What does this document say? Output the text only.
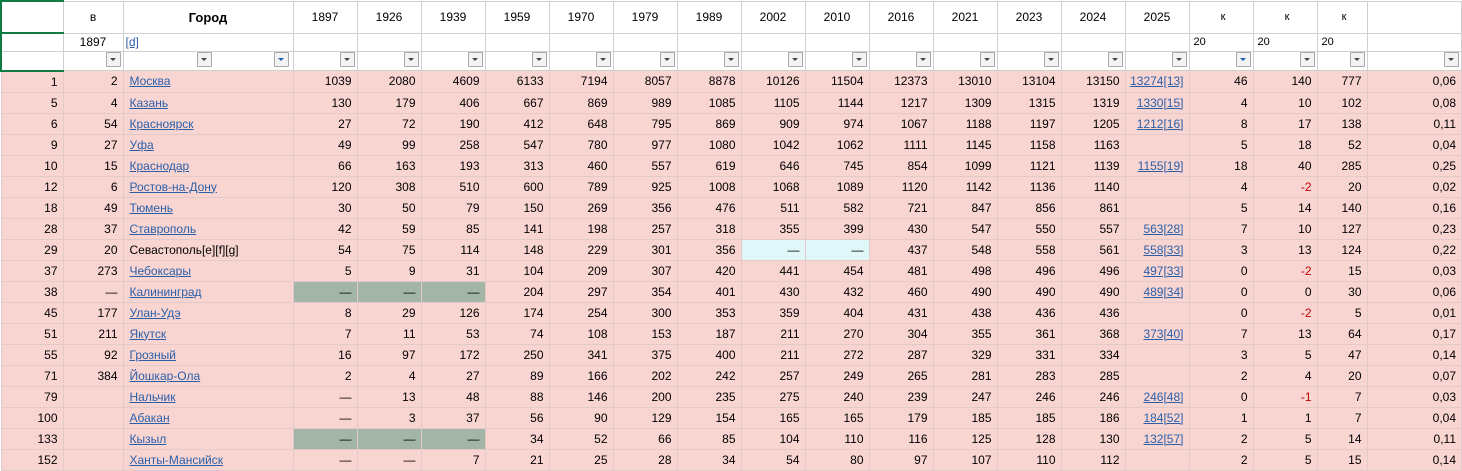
	в	Город	1897	1926	1939	1959	1970	1979	1989	2002	2010	2016	2021	2023	2024	2025	к	к	к	
	1897	[d]															20	20	20	

1	2	Москва	1039	2080	4609	6133	7194	8057	8878	10126	11504	12373	13010	13104	13150	13274[13]	46	140	777	0,06
5	4	Казань	130	179	406	667	869	989	1085	1105	1144	1217	1309	1315	1319	1330[15]	4	10	102	0,08
6	54	Красноярск	27	72	190	412	648	795	869	909	974	1067	1188	1197	1205	1212[16]	8	17	138	0,11
9	27	Уфа	49	99	258	547	780	977	1080	1042	1062	1111	1145	1158	1163		5	18	52	0,04
10	15	Краснодар	66	163	193	313	460	557	619	646	745	854	1099	1121	1139	1155[19]	18	40	285	0,25
12	6	Ростов-на-Дону	120	308	510	600	789	925	1008	1068	1089	1120	1142	1136	1140		4	-2	20	0,02
18	49	Тюмень	30	50	79	150	269	356	476	511	582	721	847	856	861		5	14	140	0,16
28	37	Ставрополь	42	59	85	141	198	257	318	355	399	430	547	550	557	563[28]	7	10	127	0,23
29	20	Севастополь[e][f][g]	54	75	114	148	229	301	356	—	—	437	548	558	561	558[33]	3	13	124	0,22
37	273	Чебоксары	5	9	31	104	209	307	420	441	454	481	498	496	496	497[33]	0	-2	15	0,03
38	—	Калининград	—	—	—	204	297	354	401	430	432	460	490	490	490	489[34]	0	0	30	0,06
45	177	Улан-Удэ	8	29	126	174	254	300	353	359	404	431	438	436	436		0	-2	5	0,01
51	211	Якутск	7	11	53	74	108	153	187	211	270	304	355	361	368	373[40]	7	13	64	0,17
55	92	Грозный	16	97	172	250	341	375	400	211	272	287	329	331	334		3	5	47	0,14
71	384	Йошкар-Ола	2	4	27	89	166	202	242	257	249	265	281	283	285		2	4	20	0,07
79		Нальчик	—	13	48	88	146	200	235	275	240	239	247	246	246	246[48]	0	-1	7	0,03
100		Абакан	—	3	37	56	90	129	154	165	165	179	185	185	186	184[52]	1	1	7	0,04
133		Кызыл	—	—	—	34	52	66	85	104	110	116	125	128	130	132[57]	2	5	14	0,11
152		Ханты-Мансийск	—	—	7	21	25	28	34	54	80	97	107	110	112		2	5	15	0,14
